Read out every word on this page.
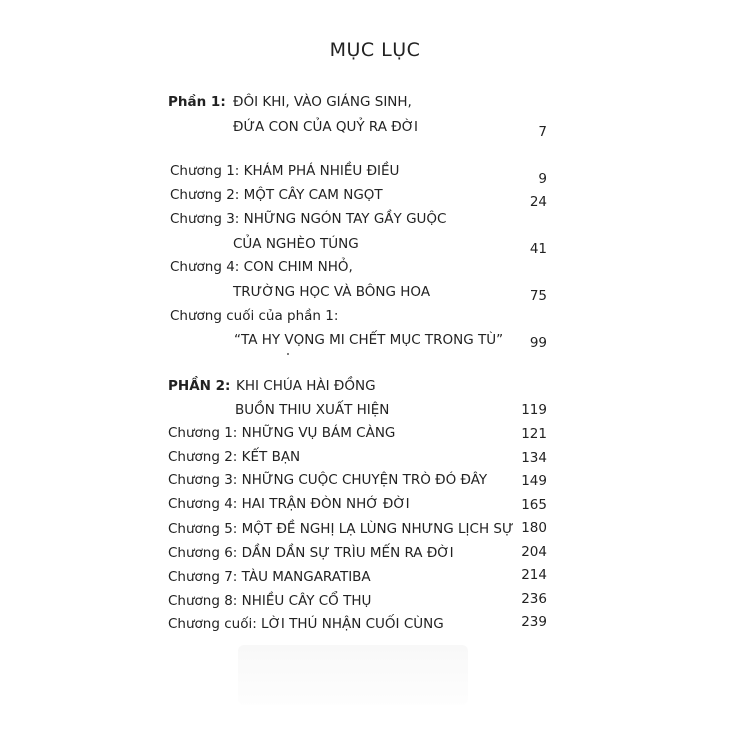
MỤC LỤC
Phần 1: ĐÔI KHI, VÀO GIÁNG SINH,
ĐỨA CON CỦA QUỶ RA ĐỜI	7
Chương 1: KHÁM PHÁ NHIỀU ĐIỀU	9
Chương 2: MỘT CÂY CAM NGỌT	24
Chương 3: NHỮNG NGÓN TAY GẦY GUỘC
CỦA NGHÈO TÚNG	41
Chương 4: CON CHIM NHỎ,
TRƯỜNG HỌC VÀ BÔNG HOA	75
Chương cuối của phần 1:
“TA HY VỌNG MI CHẾT MỤC TRONG TÙ” 99
PHẦN 2: KHI CHÚA HÀI ĐỒNG
BUỒN THIU XUẤT HIỆN	119
Chương 1: NHỮNG VỤ BÁM CÀNG	121
Chương 2: KẾT BẠN	134
Chương 3: NHỮNG CUỘC CHUYỆN TRÒ ĐÓ ĐÂY	149
Chương 4: HAI TRẬN ĐÒN NHỚ ĐỜI	165
Chương 5: MỘT ĐỀ NGHỊ LẠ LÙNG NHƯNG LỊCH SỰ 180
Chương 6: DẦN DẦN SỰ TRÌU MẾN RA ĐỜI	204
Chương 7: TÀU MANGARATIBA	214
Chương 8: NHIỀU CÂY CỔ THỤ	236
Chương cuối: LỜI THÚ NHẬN CUỐI CÙNG	239
